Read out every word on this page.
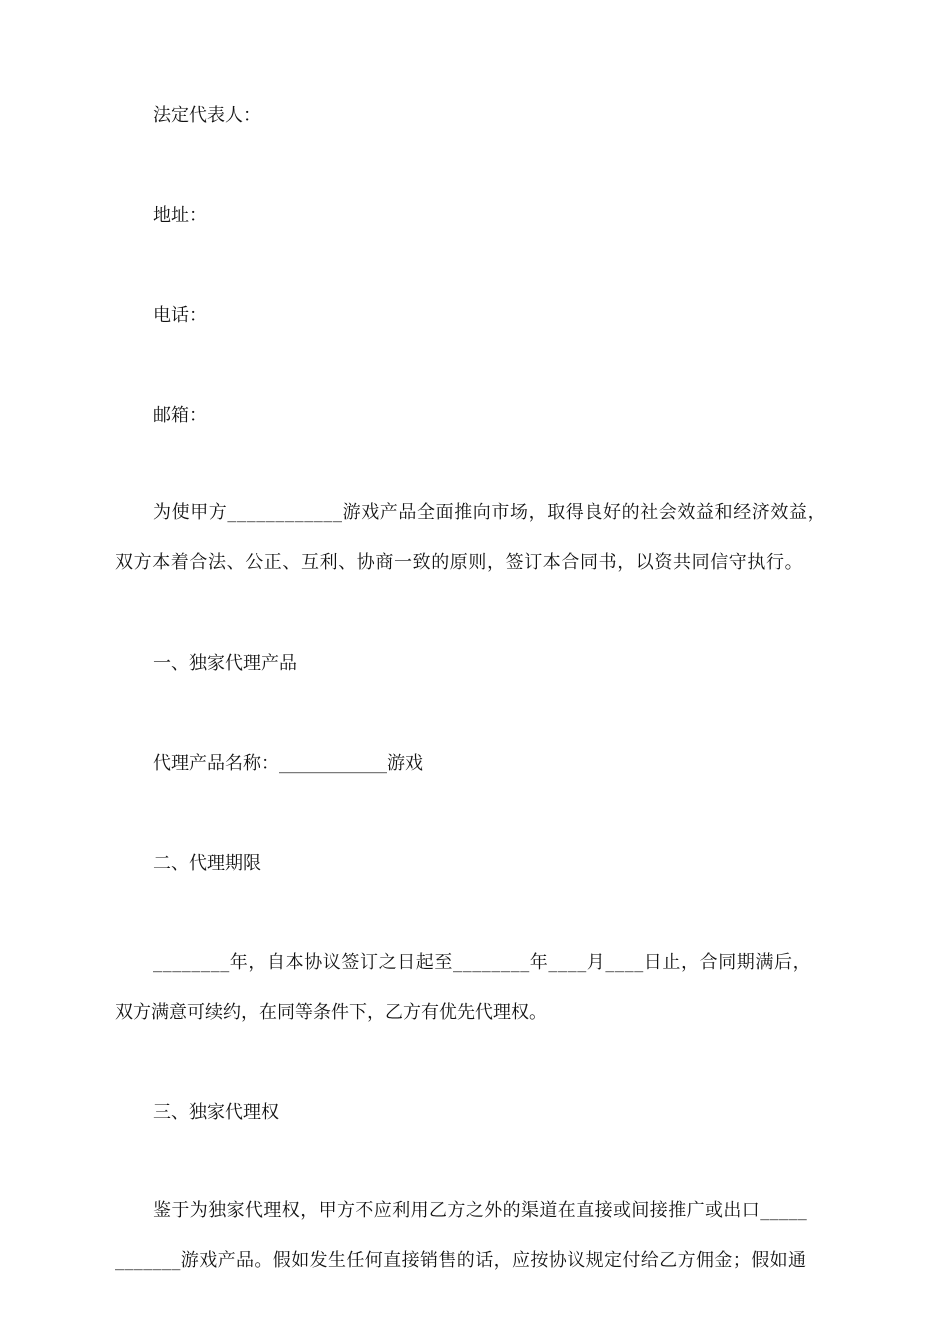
法定代表人：
地址：
电话：
邮箱：
为使甲方____________游戏产品全面推向市场，取得良好的社会效益和经济效益，
双方本着合法、公正、互利、协商一致的原则，签订本合同书，以资共同信守执行。
一、独家代理产品
代理产品名称：____________游戏
二、代理期限
________年，自本协议签订之日起至________年____月____日止，合同期满后，
双方满意可续约，在同等条件下，乙方有优先代理权。
三、独家代理权
鉴于为独家代理权，甲方不应利用乙方之外的渠道在直接或间接推广或出口_____
_______游戏产品。假如发生任何直接销售的话，应按协议规定付给乙方佣金；假如通
